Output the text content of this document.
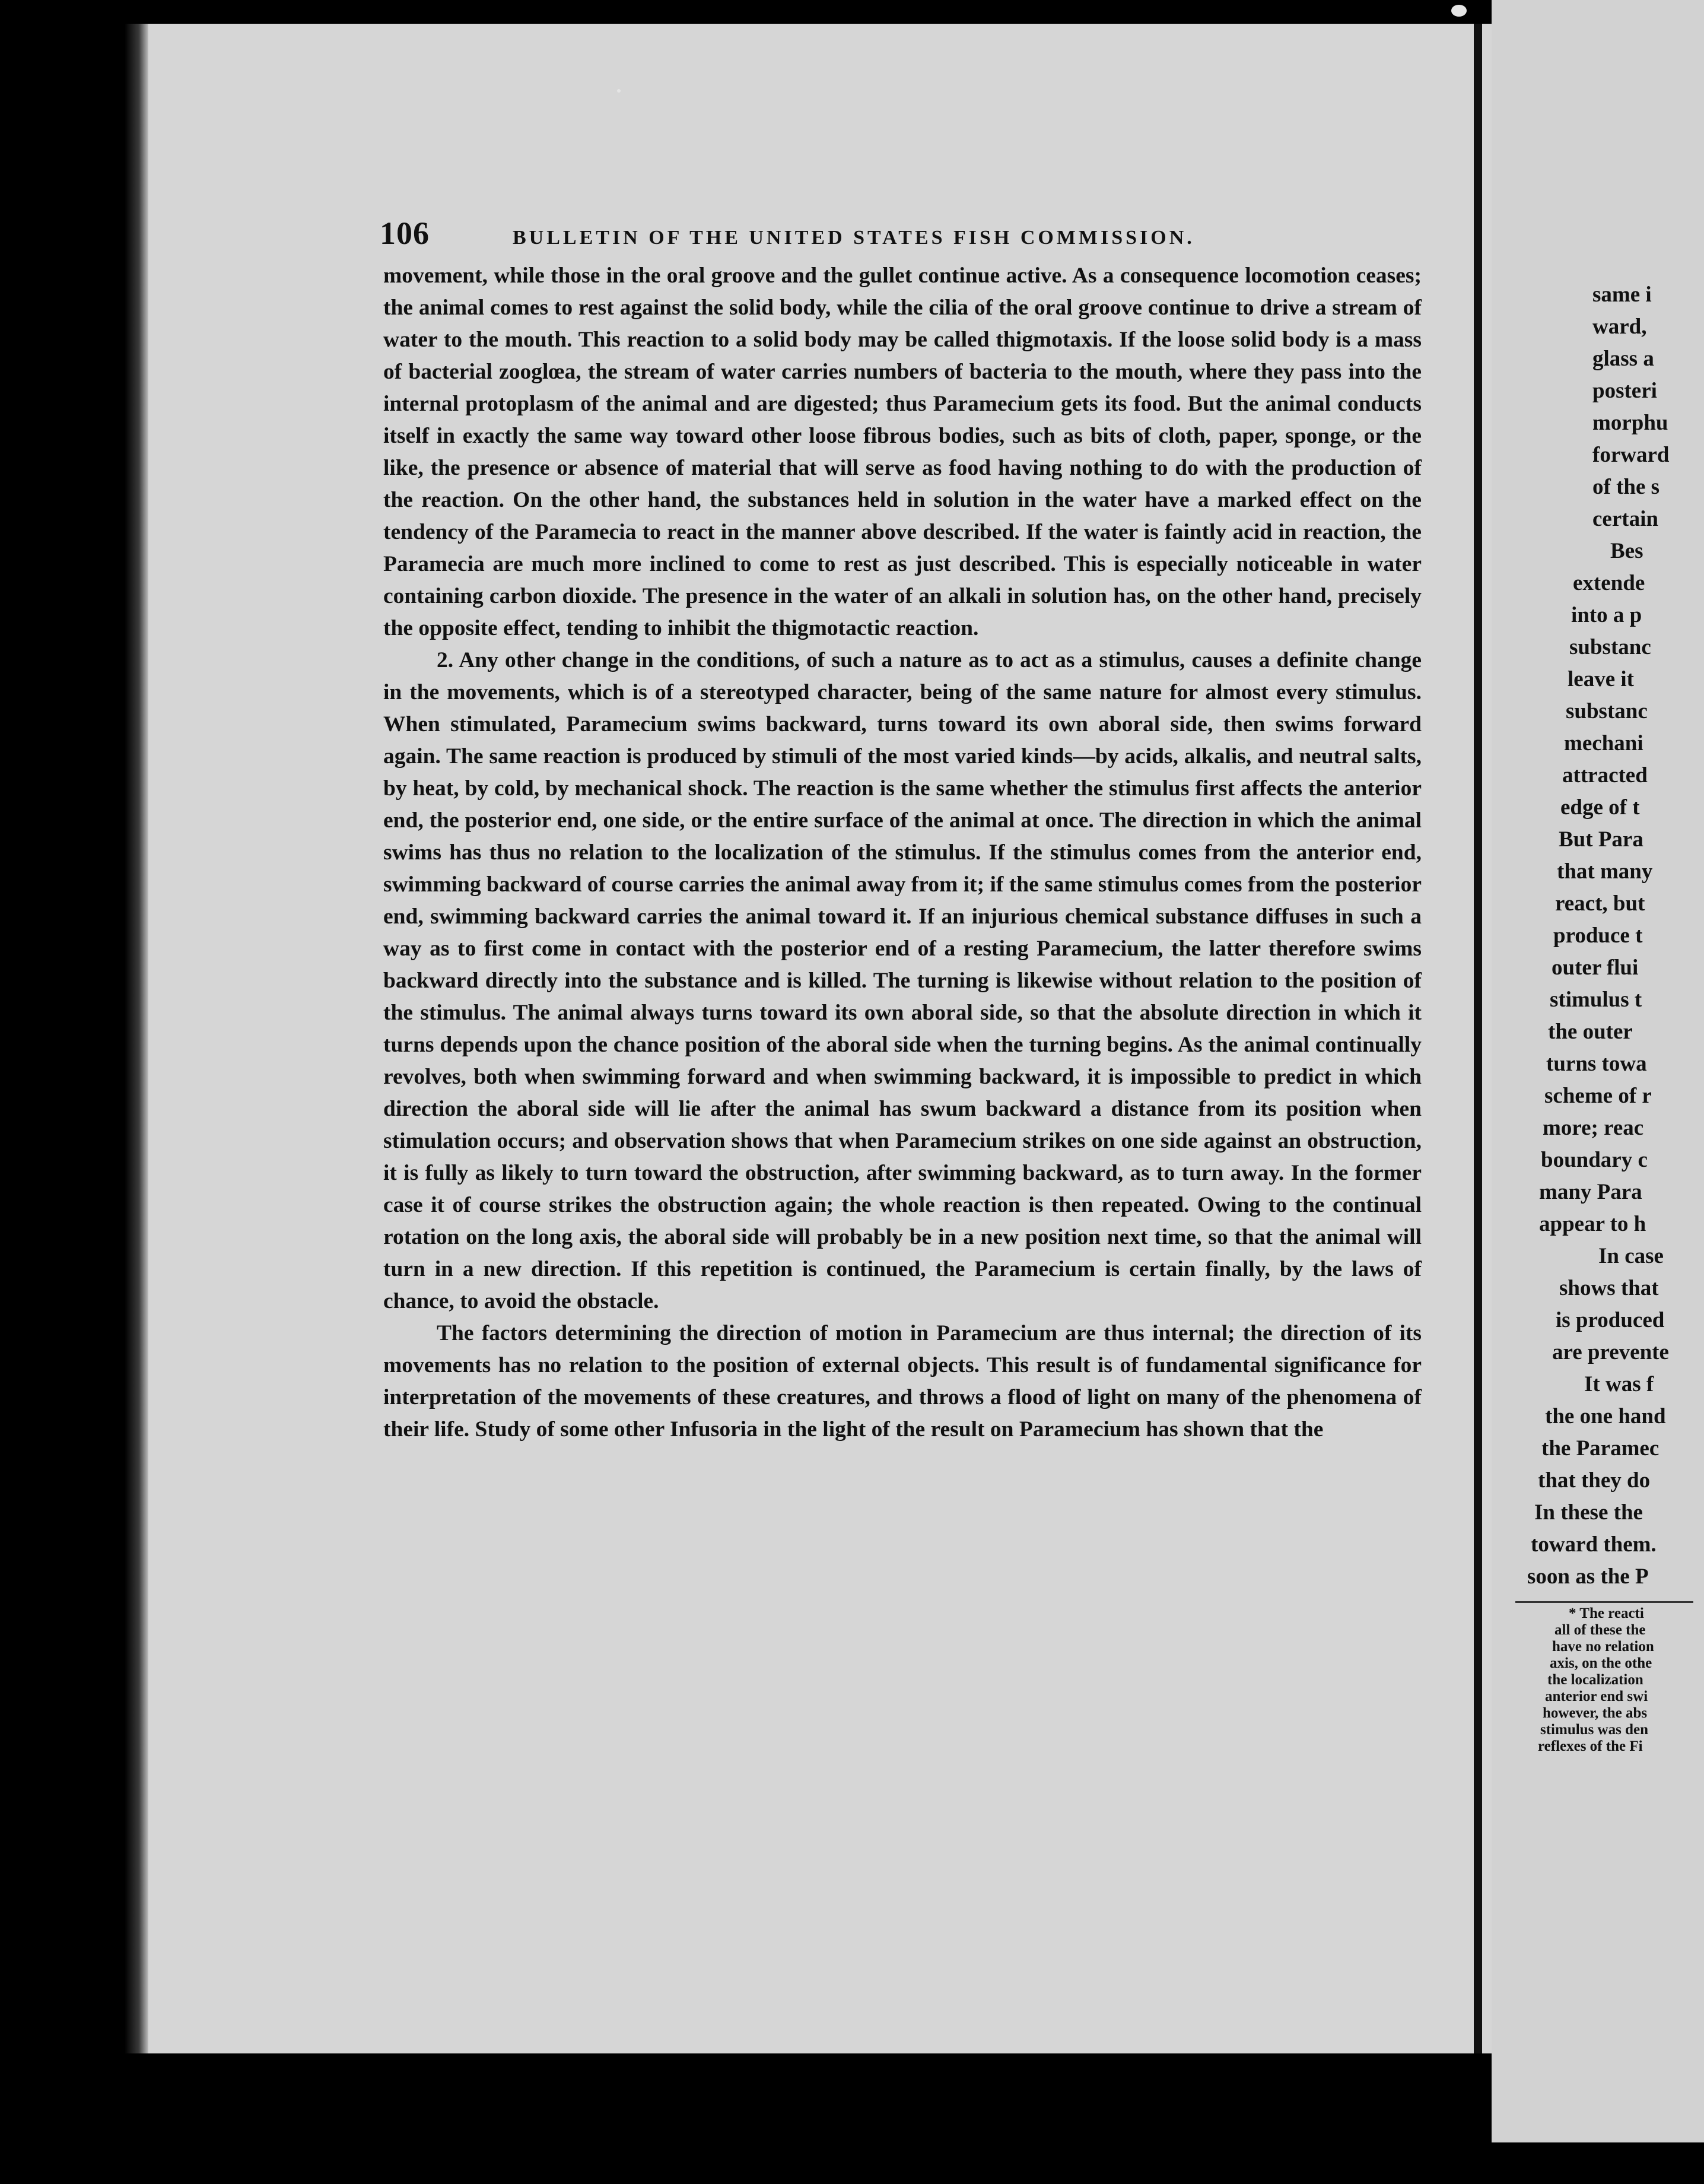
same i
ward,
glass a
posteri
morphu
forward
of the s
certain
Bes
extende
into a p
substanc
leave it
substanc
mechani
attracted
edge of t
But Para
that many
react, but
produce t
outer flui
stimulus t
the outer
turns towa
scheme of r
more; reac
boundary c
many Para
appear to h
In case
shows that
is produced
are prevente
It was f
the one hand
the Paramec
that they do
In these the
toward them.
soon as the P
* The reacti
all of these the
have no relation
axis, on the othe
the localization
anterior end swi
however, the abs
stimulus was den
reflexes of the Fi
106	BULLETIN OF THE UNITED STATES FISH COMMISSION.

movement, while those in the oral groove and the gullet continue active. As a consequence locomotion ceases; the animal comes to rest against the solid body, while the cilia of the oral groove continue to drive a stream of water to the mouth. This reaction to a solid body may be called thigmotaxis. If the loose solid body is a mass of bacterial zooglœa, the stream of water carries numbers of bacteria to the mouth, where they pass into the internal protoplasm of the animal and are digested; thus Paramecium gets its food. But the animal conducts itself in exactly the same way toward other loose fibrous bodies, such as bits of cloth, paper, sponge, or the like, the presence or absence of material that will serve as food having nothing to do with the production of the reaction. On the other hand, the substances held in solution in the water have a marked effect on the tendency of the Paramecia to react in the manner above described. If the water is faintly acid in reaction, the Paramecia are much more inclined to come to rest as just described. This is especially noticeable in water containing carbon dioxide. The presence in the water of an alkali in solution has, on the other hand, precisely the opposite effect, tending to inhibit the thigmotactic reaction.

2. Any other change in the conditions, of such a nature as to act as a stimulus, causes a definite change in the movements, which is of a stereotyped character, being of the same nature for almost every stimulus. When stimulated, Paramecium swims backward, turns toward its own aboral side, then swims forward again. The same reaction is produced by stimuli of the most varied kinds—by acids, alkalis, and neutral salts, by heat, by cold, by mechanical shock. The reaction is the same whether the stimulus first affects the anterior end, the posterior end, one side, or the entire surface of the animal at once. The direction in which the animal swims has thus no relation to the localization of the stimulus. If the stimulus comes from the anterior end, swimming backward of course carries the animal away from it; if the same stimulus comes from the posterior end, swimming backward carries the animal toward it. If an injurious chemical substance diffuses in such a way as to first come in contact with the posterior end of a resting Paramecium, the latter therefore swims backward directly into the substance and is killed. The turning is likewise without relation to the position of the stimulus. The animal always turns toward its own aboral side, so that the absolute direction in which it turns depends upon the chance position of the aboral side when the turning begins. As the animal continually revolves, both when swimming forward and when swimming backward, it is impossible to predict in which direction the aboral side will lie after the animal has swum backward a distance from its position when stimulation occurs; and observation shows that when Paramecium strikes on one side against an obstruction, it is fully as likely to turn toward the obstruction, after swimming backward, as to turn away. In the former case it of course strikes the obstruction again; the whole reaction is then repeated. Owing to the continual rotation on the long axis, the aboral side will probably be in a new position next time, so that the animal will turn in a new direction. If this repetition is continued, the Paramecium is certain finally, by the laws of chance, to avoid the obstacle.

The factors determining the direction of motion in Paramecium are thus internal; the direction of its movements has no relation to the position of external objects. This result is of fundamental significance for interpretation of the movements of these creatures, and throws a flood of light on many of the phenomena of their life. Study of some other Infusoria in the light of the result on Paramecium has shown that the
